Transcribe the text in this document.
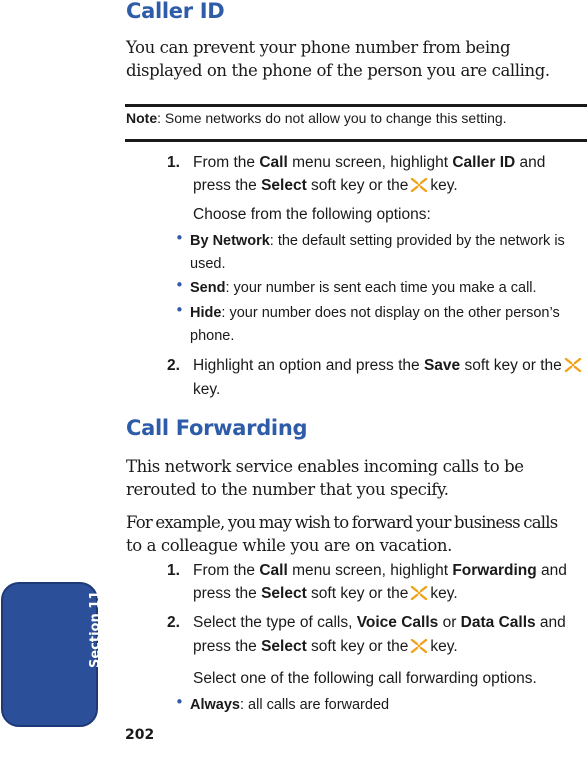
Caller ID
You can prevent your phone number from being
displayed on the phone of the person you are calling.
Note: Some networks do not allow you to change this setting.
1. From the Call menu screen, highlight Caller ID and
press the Select soft key or the key.
Choose from the following options:
• By Network: the default setting provided by the network is
used.
• Send: your number is sent each time you make a call.
• Hide: your number does not display on the other person’s
phone.
2. Highlight an option and press the Save soft key or the
key.
Call Forwarding
This network service enables incoming calls to be
rerouted to the number that you specify.
For example, you may wish to forward your business calls
to a colleague while you are on vacation.
1. From the Call menu screen, highlight Forwarding and
press the Select soft key or the key.
2. Select the type of calls, Voice Calls or Data Calls and
press the Select soft key or the key.
Select one of the following call forwarding options.
• Always: all calls are forwarded
Section 11
202
